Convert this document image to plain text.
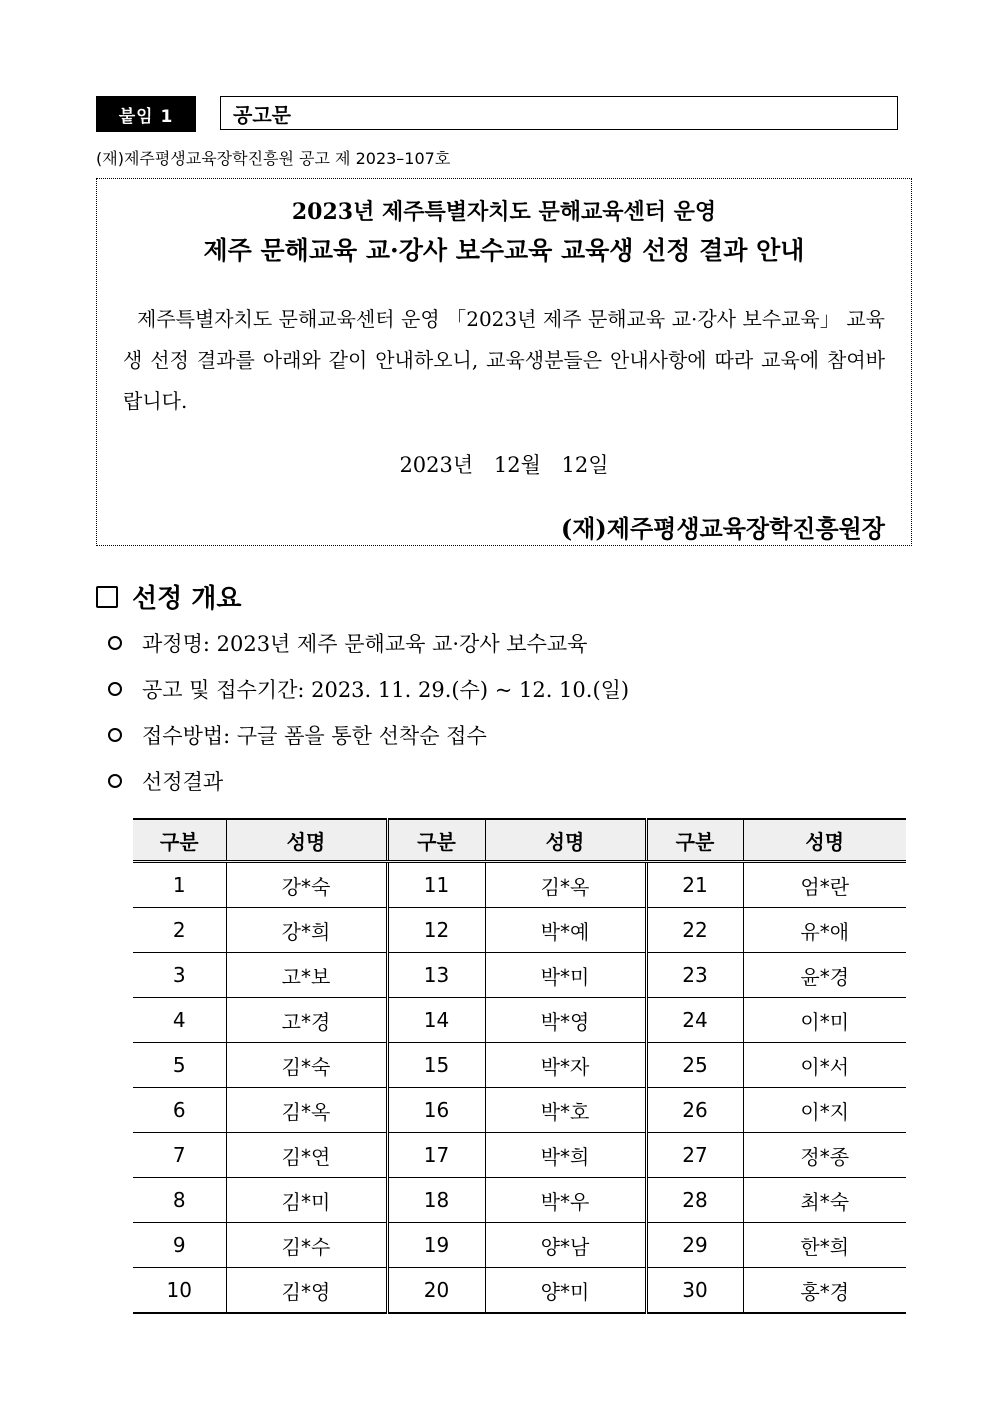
붙임 1	공고문
(재)제주평생교육장학진흥원 공고 제 2023–107호
2023년 제주특별자치도 문해교육센터 운영
제주 문해교육 교·강사 보수교육 교육생 선정 결과 안내
제주특별자치도 문해교육센터 운영 「2023년 제주 문해교육 교·강사 보수교육」 교육생 선정 결과를 아래와 같이 안내하오니, 교육생분들은 안내사항에 따라 교육에 참여바랍니다.
2023년 12월 12일
(재)제주평생교육장학진흥원장
선정 개요
과정명: 2023년 제주 문해교육 교·강사 보수교육
공고 및 접수기간: 2023. 11. 29.(수) ~ 12. 10.(일)
접수방법: 구글 폼을 통한 선착순 접수
선정결과
구분	성명	구분	성명	구분	성명
1	강*숙	11	김*옥	21	엄*란
2	강*희	12	박*예	22	유*애
3	고*보	13	박*미	23	윤*경
4	고*경	14	박*영	24	이*미
5	김*숙	15	박*자	25	이*서
6	김*옥	16	박*호	26	이*지
7	김*연	17	박*희	27	정*종
8	김*미	18	박*우	28	최*숙
9	김*수	19	양*남	29	한*희
10	김*영	20	양*미	30	홍*경
